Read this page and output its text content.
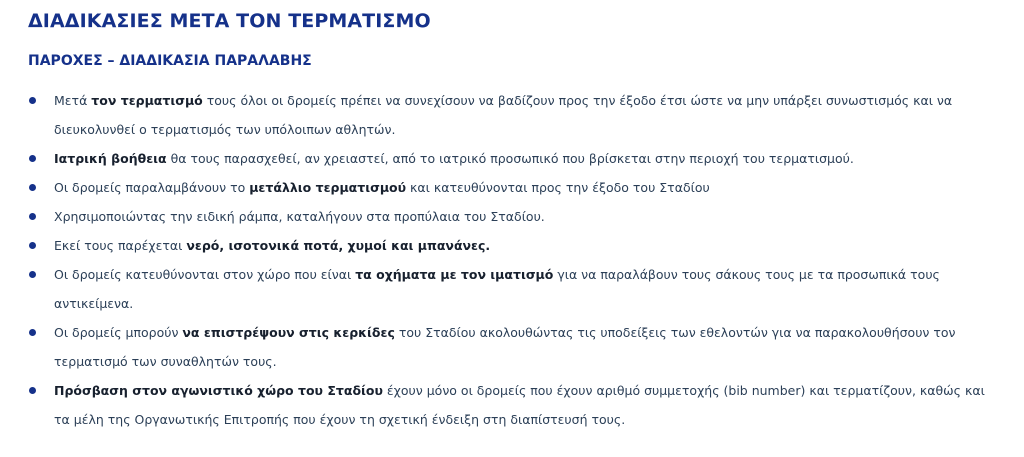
ΔΙΑΔΙΚΑΣΙΕΣ ΜΕΤΑ ΤΟΝ ΤΕΡΜΑΤΙΣΜΟ
ΠΑΡΟΧΕΣ – ΔΙΑΔΙΚΑΣΙΑ ΠΑΡΑΛΑΒΗΣ
Μετά τον τερματισμό τους όλοι οι δρομείς πρέπει να συνεχίσουν να βαδίζουν προς την έξοδο έτσι ώστε να μην υπάρξει συνωστισμός και να διευκολυνθεί ο τερματισμός των υπόλοιπων αθλητών.
Ιατρική βοήθεια θα τους παρασχεθεί, αν χρειαστεί, από το ιατρικό προσωπικό που βρίσκεται στην περιοχή του τερματισμού.
Οι δρομείς παραλαμβάνουν το μετάλλιο τερματισμού και κατευθύνονται προς την έξοδο του Σταδίου
Χρησιμοποιώντας την ειδική ράμπα, καταλήγουν στα προπύλαια του Σταδίου.
Εκεί τους παρέχεται νερό, ισοτονικά ποτά, χυμοί και μπανάνες.
Οι δρομείς κατευθύνονται στον χώρο που είναι τα οχήματα με τον ιματισμό για να παραλάβουν τους σάκους τους με τα προσωπικά τους αντικείμενα.
Οι δρομείς μπορούν να επιστρέψουν στις κερκίδες του Σταδίου ακολουθώντας τις υποδείξεις των εθελοντών για να παρακολουθήσουν τον τερματισμό των συναθλητών τους.
Πρόσβαση στον αγωνιστικό χώρο του Σταδίου έχουν μόνο οι δρομείς που έχουν αριθμό συμμετοχής (bib number) και τερματίζουν, καθώς και τα μέλη της Οργανωτικής Επιτροπής που έχουν τη σχετική ένδειξη στη διαπίστευσή τους.
